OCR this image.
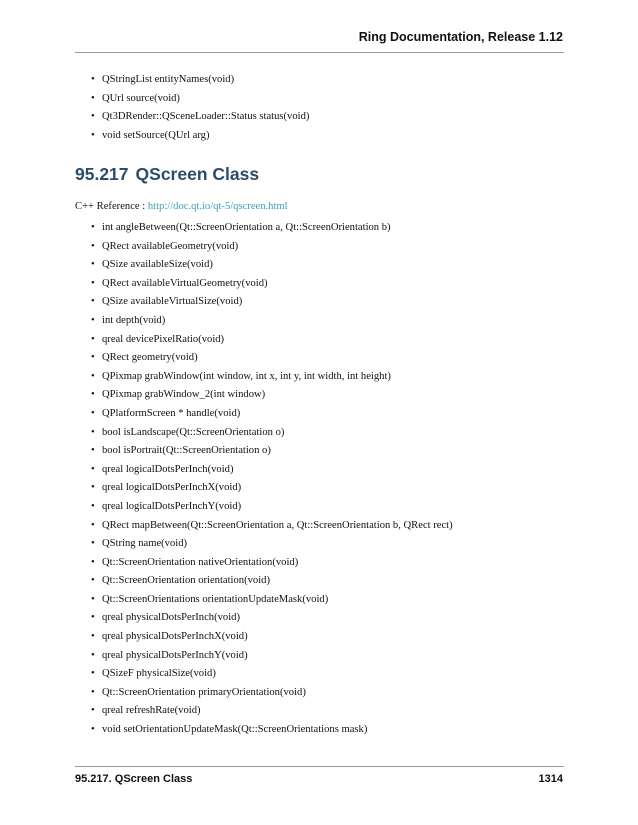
Ring Documentation, Release 1.12
• QStringList entityNames(void)
• QUrl source(void)
• Qt3DRender::QSceneLoader::Status status(void)
• void setSource(QUrl arg)
95.217 QScreen Class
C++ Reference : http://doc.qt.io/qt-5/qscreen.html
• int angleBetween(Qt::ScreenOrientation a, Qt::ScreenOrientation b)
• QRect availableGeometry(void)
• QSize availableSize(void)
• QRect availableVirtualGeometry(void)
• QSize availableVirtualSize(void)
• int depth(void)
• qreal devicePixelRatio(void)
• QRect geometry(void)
• QPixmap grabWindow(int window, int x, int y, int width, int height)
• QPixmap grabWindow_2(int window)
• QPlatformScreen * handle(void)
• bool isLandscape(Qt::ScreenOrientation o)
• bool isPortrait(Qt::ScreenOrientation o)
• qreal logicalDotsPerInch(void)
• qreal logicalDotsPerInchX(void)
• qreal logicalDotsPerInchY(void)
• QRect mapBetween(Qt::ScreenOrientation a, Qt::ScreenOrientation b, QRect rect)
• QString name(void)
• Qt::ScreenOrientation nativeOrientation(void)
• Qt::ScreenOrientation orientation(void)
• Qt::ScreenOrientations orientationUpdateMask(void)
• qreal physicalDotsPerInch(void)
• qreal physicalDotsPerInchX(void)
• qreal physicalDotsPerInchY(void)
• QSizeF physicalSize(void)
• Qt::ScreenOrientation primaryOrientation(void)
• qreal refreshRate(void)
• void setOrientationUpdateMask(Qt::ScreenOrientations mask)
95.217. QScreen Class	1314
